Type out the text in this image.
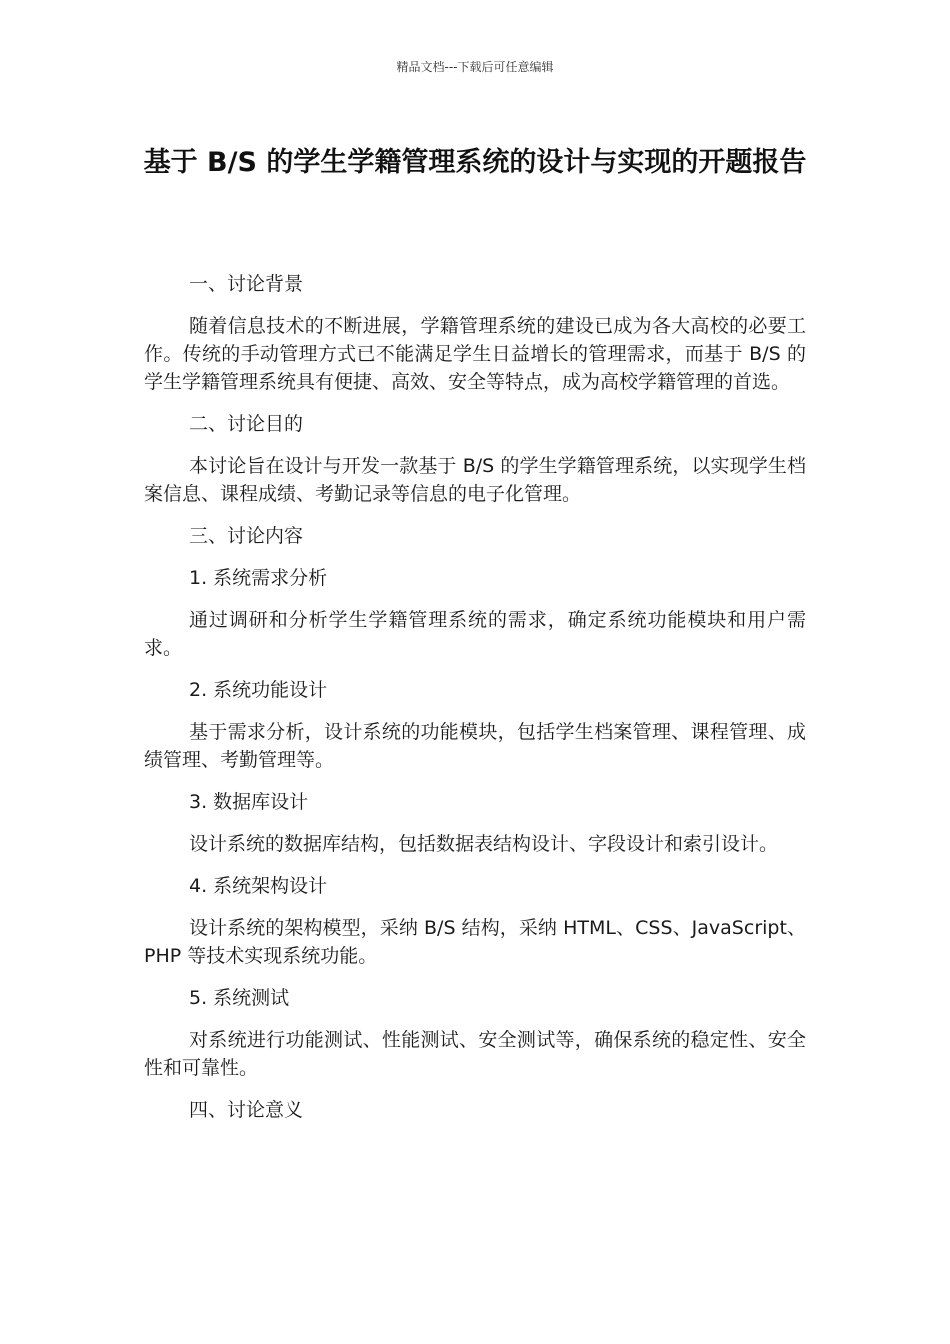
精品文档---下载后可任意编辑
基于 B/S 的学生学籍管理系统的设计与实现的开题报告
一、讨论背景
随着信息技术的不断进展，学籍管理系统的建设已成为各大高校的必要工作。传统的手动管理方式已不能满足学生日益增长的管理需求，而基于 B/S 的学生学籍管理系统具有便捷、高效、安全等特点，成为高校学籍管理的首选。
二、讨论目的
本讨论旨在设计与开发一款基于 B/S 的学生学籍管理系统，以实现学生档案信息、课程成绩、考勤记录等信息的电子化管理。
三、讨论内容
1. 系统需求分析
通过调研和分析学生学籍管理系统的需求，确定系统功能模块和用户需求。
2. 系统功能设计
基于需求分析，设计系统的功能模块，包括学生档案管理、课程管理、成绩管理、考勤管理等。
3. 数据库设计
设计系统的数据库结构，包括数据表结构设计、字段设计和索引设计。
4. 系统架构设计
设计系统的架构模型，采纳 B/S 结构，采纳 HTML、CSS、JavaScript、PHP 等技术实现系统功能。
5. 系统测试
对系统进行功能测试、性能测试、安全测试等，确保系统的稳定性、安全性和可靠性。
四、讨论意义
